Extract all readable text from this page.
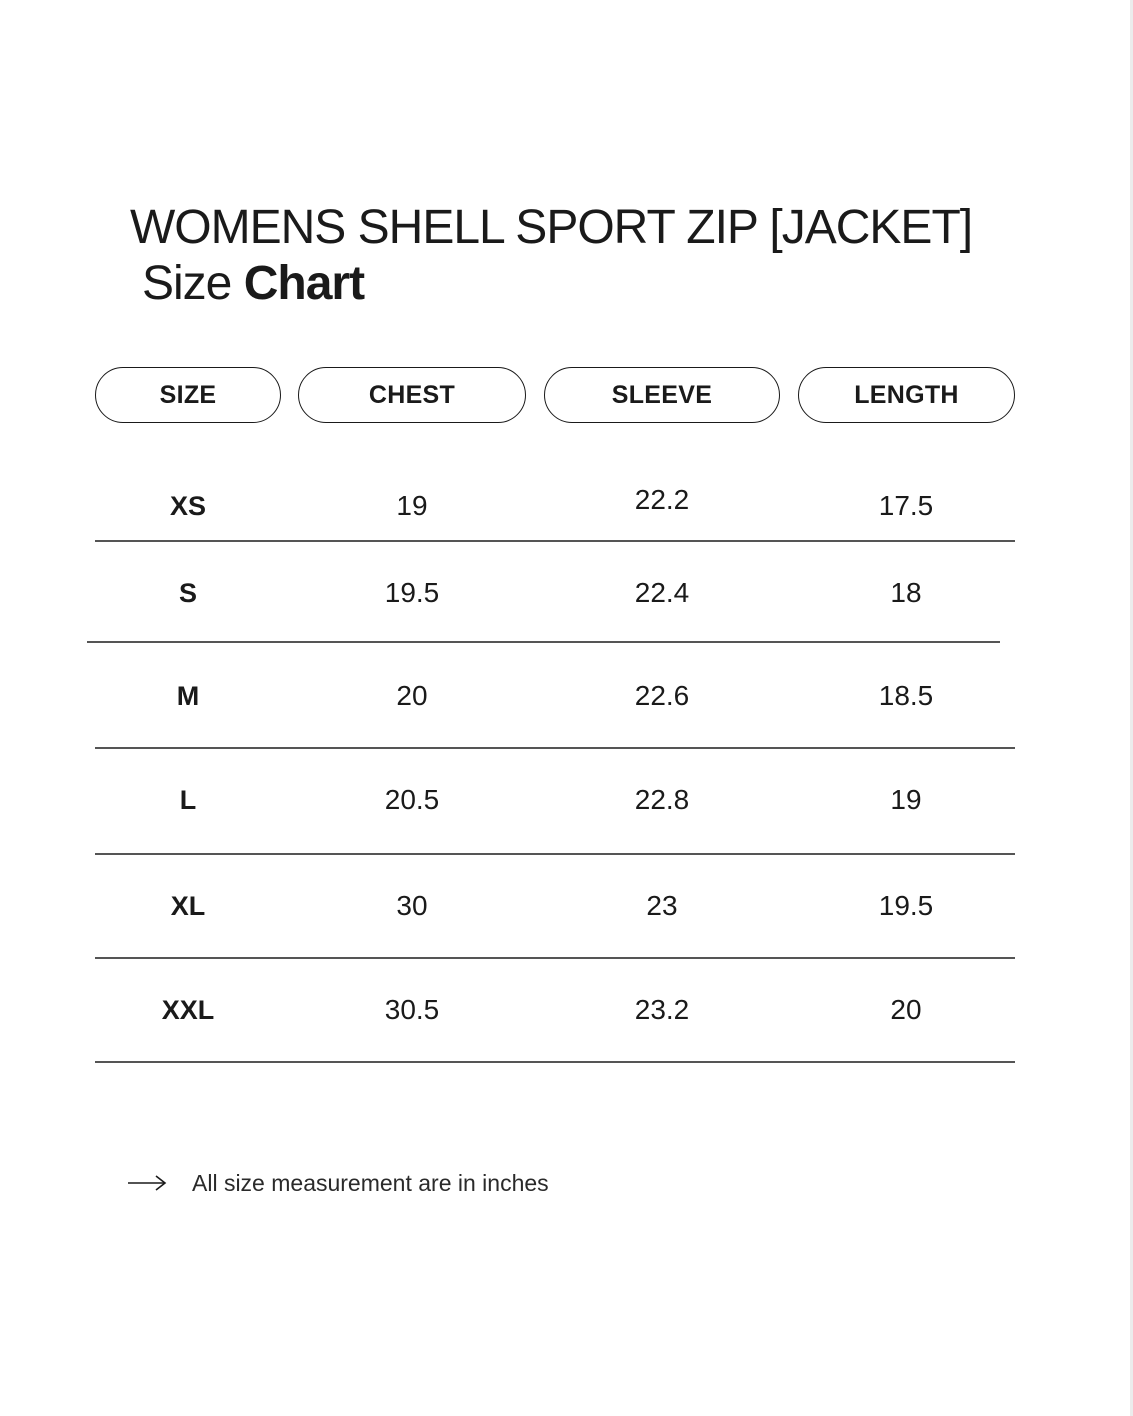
WOMENS SHELL SPORT ZIP [JACKET]
Size Chart
SIZE	CHEST	SLEEVE	LENGTH
XS	19	22.2	17.5
S	19.5	22.4	18
M	20	22.6	18.5
L	20.5	22.8	19
XL	30	23	19.5
XXL	30.5	23.2	20
All size measurement are in inches
